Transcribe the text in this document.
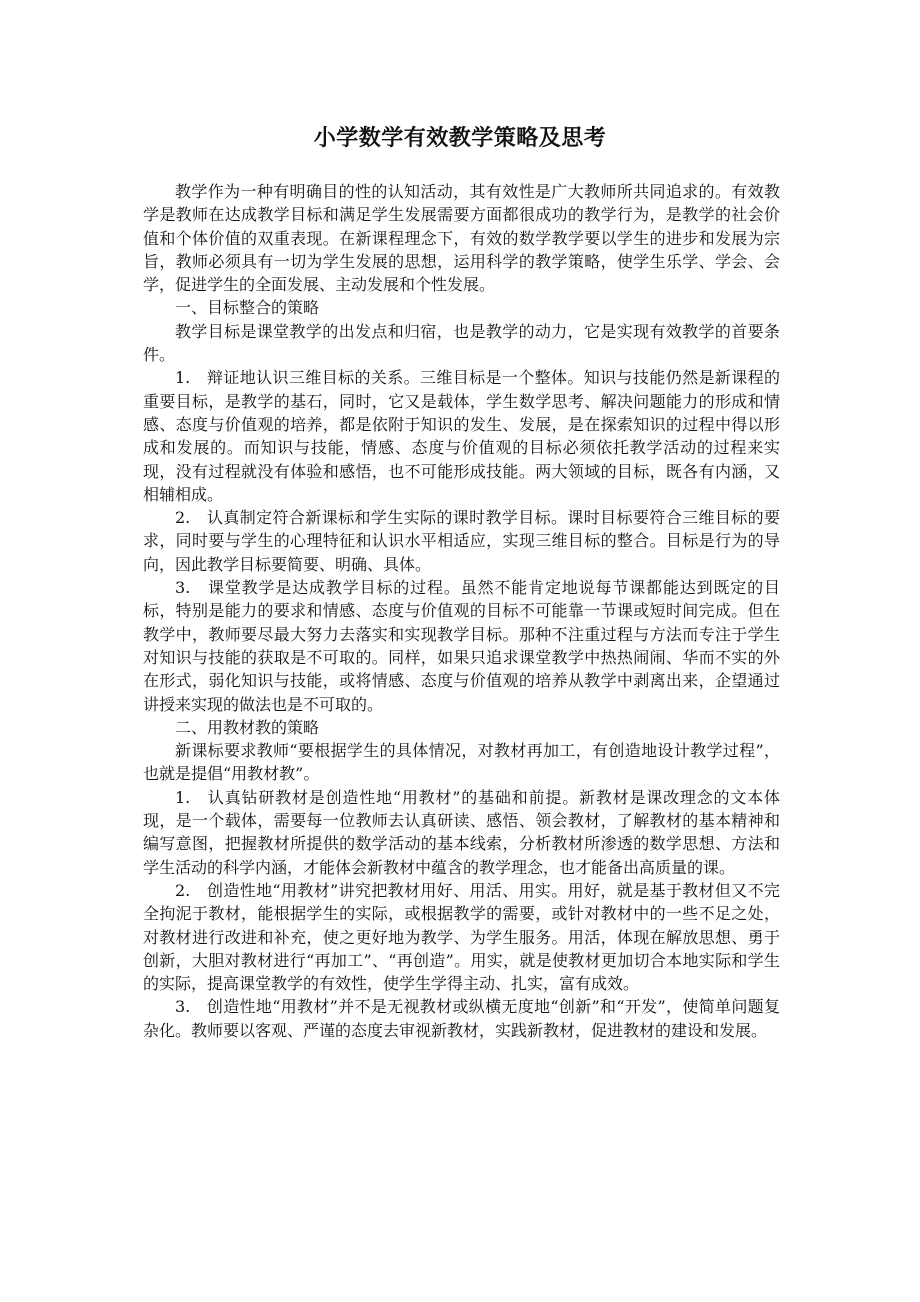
小学数学有效教学策略及思考

教学作为一种有明确目的性的认知活动，其有效性是广大教师所共同追求的。有效教学是教师在达成教学目标和满足学生发展需要方面都很成功的教学行为，是教学的社会价值和个体价值的双重表现。在新课程理念下，有效的数学教学要以学生的进步和发展为宗旨，教师必须具有一切为学生发展的思想，运用科学的教学策略，使学生乐学、学会、会学，促进学生的全面发展、主动发展和个性发展。

一、目标整合的策略

教学目标是课堂教学的出发点和归宿，也是教学的动力，它是实现有效教学的首要条件。

1.　辩证地认识三维目标的关系。三维目标是一个整体。知识与技能仍然是新课程的重要目标，是教学的基石，同时，它又是载体，学生数学思考、解决问题能力的形成和情感、态度与价值观的培养，都是依附于知识的发生、发展，是在探索知识的过程中得以形成和发展的。而知识与技能，情感、态度与价值观的目标必须依托教学活动的过程来实现，没有过程就没有体验和感悟，也不可能形成技能。两大领域的目标，既各有内涵，又相辅相成。

2.　认真制定符合新课标和学生实际的课时教学目标。课时目标要符合三维目标的要求，同时要与学生的心理特征和认识水平相适应，实现三维目标的整合。目标是行为的导向，因此教学目标要简要、明确、具体。

3.　课堂教学是达成教学目标的过程。虽然不能肯定地说每节课都能达到既定的目标，特别是能力的要求和情感、态度与价值观的目标不可能靠一节课或短时间完成。但在教学中，教师要尽最大努力去落实和实现教学目标。那种不注重过程与方法而专注于学生对知识与技能的获取是不可取的。同样，如果只追求课堂教学中热热闹闹、华而不实的外在形式，弱化知识与技能，或将情感、态度与价值观的培养从教学中剥离出来，企望通过讲授来实现的做法也是不可取的。

二、用教材教的策略

新课标要求教师“要根据学生的具体情况，对教材再加工，有创造地设计教学过程”，也就是提倡“用教材教”。

1.　认真钻研教材是创造性地“用教材”的基础和前提。新教材是课改理念的文本体现，是一个载体，需要每一位教师去认真研读、感悟、领会教材，了解教材的基本精神和编写意图，把握教材所提供的数学活动的基本线索，分析教材所渗透的数学思想、方法和学生活动的科学内涵，才能体会新教材中蕴含的教学理念，也才能备出高质量的课。

2.　创造性地“用教材”讲究把教材用好、用活、用实。用好，就是基于教材但又不完全拘泥于教材，能根据学生的实际，或根据教学的需要，或针对教材中的一些不足之处，对教材进行改进和补充，使之更好地为教学、为学生服务。用活，体现在解放思想、勇于创新，大胆对教材进行“再加工”、“再创造”。用实，就是使教材更加切合本地实际和学生的实际，提高课堂教学的有效性，使学生学得主动、扎实，富有成效。

3.　创造性地“用教材”并不是无视教材或纵横无度地“创新”和“开发”，使简单问题复杂化。教师要以客观、严谨的态度去审视新教材，实践新教材，促进教材的建设和发展。
